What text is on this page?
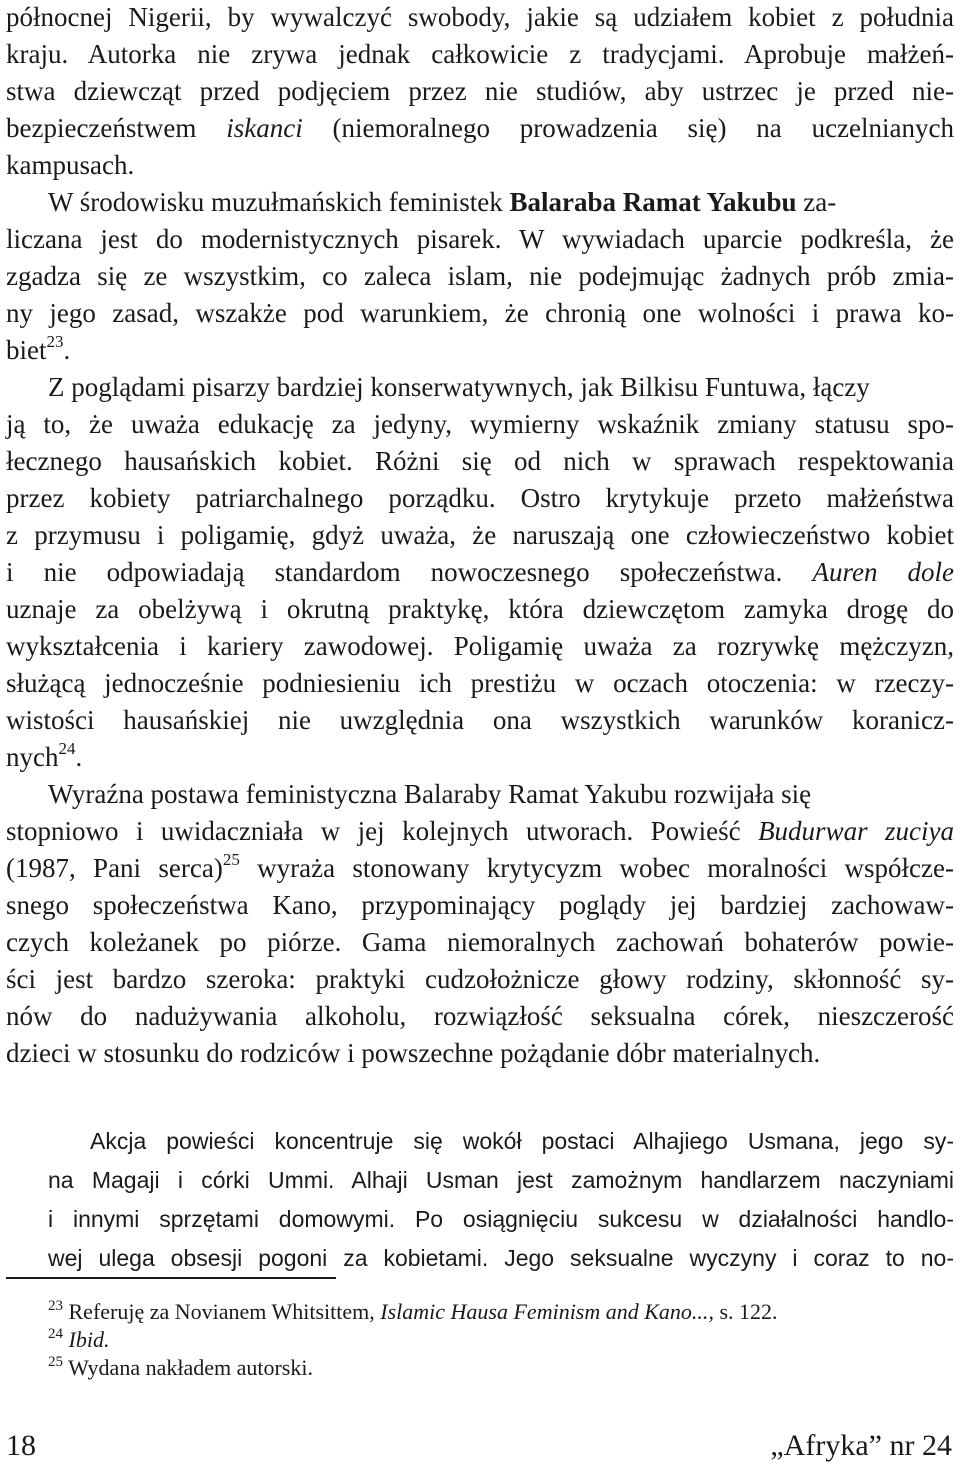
północnej Nigerii, by wywalczyć swobody, jakie są udziałem kobiet z południa
kraju. Autorka nie zrywa jednak całkowicie z tradycjami. Aprobuje małżeń-
stwa dziewcząt przed podjęciem przez nie studiów, aby ustrzec je przed nie-
bezpieczeństwem iskanci (niemoralnego prowadzenia się) na uczelnianych
kampusach.
W środowisku muzułmańskich feministek Balaraba Ramat Yakubu za-
liczana jest do modernistycznych pisarek. W wywiadach uparcie podkreśla, że
zgadza się ze wszystkim, co zaleca islam, nie podejmując żadnych prób zmia-
ny jego zasad, wszakże pod warunkiem, że chronią one wolności i prawa ko-
biet$^{23}$.
Z poglądami pisarzy bardziej konserwatywnych, jak Bilkisu Funtuwa, łączy
ją to, że uważa edukację za jedyny, wymierny wskaźnik zmiany statusu spo-
łecznego hausańskich kobiet. Różni się od nich w sprawach respektowania
przez kobiety patriarchalnego porządku. Ostro krytykuje przeto małżeństwa
z przymusu i poligamię, gdyż uważa, że naruszają one człowieczeństwo kobiet
i nie odpowiadają standardom nowoczesnego społeczeństwa. Auren dole
uznaje za obelżywą i okrutną praktykę, która dziewczętom zamyka drogę do
wykształcenia i kariery zawodowej. Poligamię uważa za rozrywkę mężczyzn,
służącą jednocześnie podniesieniu ich prestiżu w oczach otoczenia: w rzeczy-
wistości hausańskiej nie uwzględnia ona wszystkich warunków koranicz-
nych$^{24}$.
Wyraźna postawa feministyczna Balaraby Ramat Yakubu rozwijała się
stopniowo i uwidaczniała w jej kolejnych utworach. Powieść Budurwar zuciya
(1987, Pani serca)$^{25}$ wyraża stonowany krytycyzm wobec moralności współcze-
snego społeczeństwa Kano, przypominający poglądy jej bardziej zachowaw-
czych koleżanek po piórze. Gama niemoralnych zachowań bohaterów powie-
ści jest bardzo szeroka: praktyki cudzołożnicze głowy rodziny, skłonność sy-
nów do nadużywania alkoholu, rozwiązłość seksualna córek, nieszczerość
dzieci w stosunku do rodziców i powszechne pożądanie dóbr materialnych.
Akcja powieści koncentruje się wokół postaci Alhajiego Usmana, jego sy-
na Magaji i córki Ummi. Alhaji Usman jest zamożnym handlarzem naczyniami
i innymi sprzętami domowymi. Po osiągnięciu sukcesu w działalności handlo-
wej ulega obsesji pogoni za kobietami. Jego seksualne wyczyny i coraz to no-
$^{23}$ Referuję za Novianem Whitsittem, Islamic Hausa Feminism and Kano..., s. 122.
$^{24}$ Ibid.
$^{25}$ Wydana nakładem autorski.
18	„Afryka” nr 24
